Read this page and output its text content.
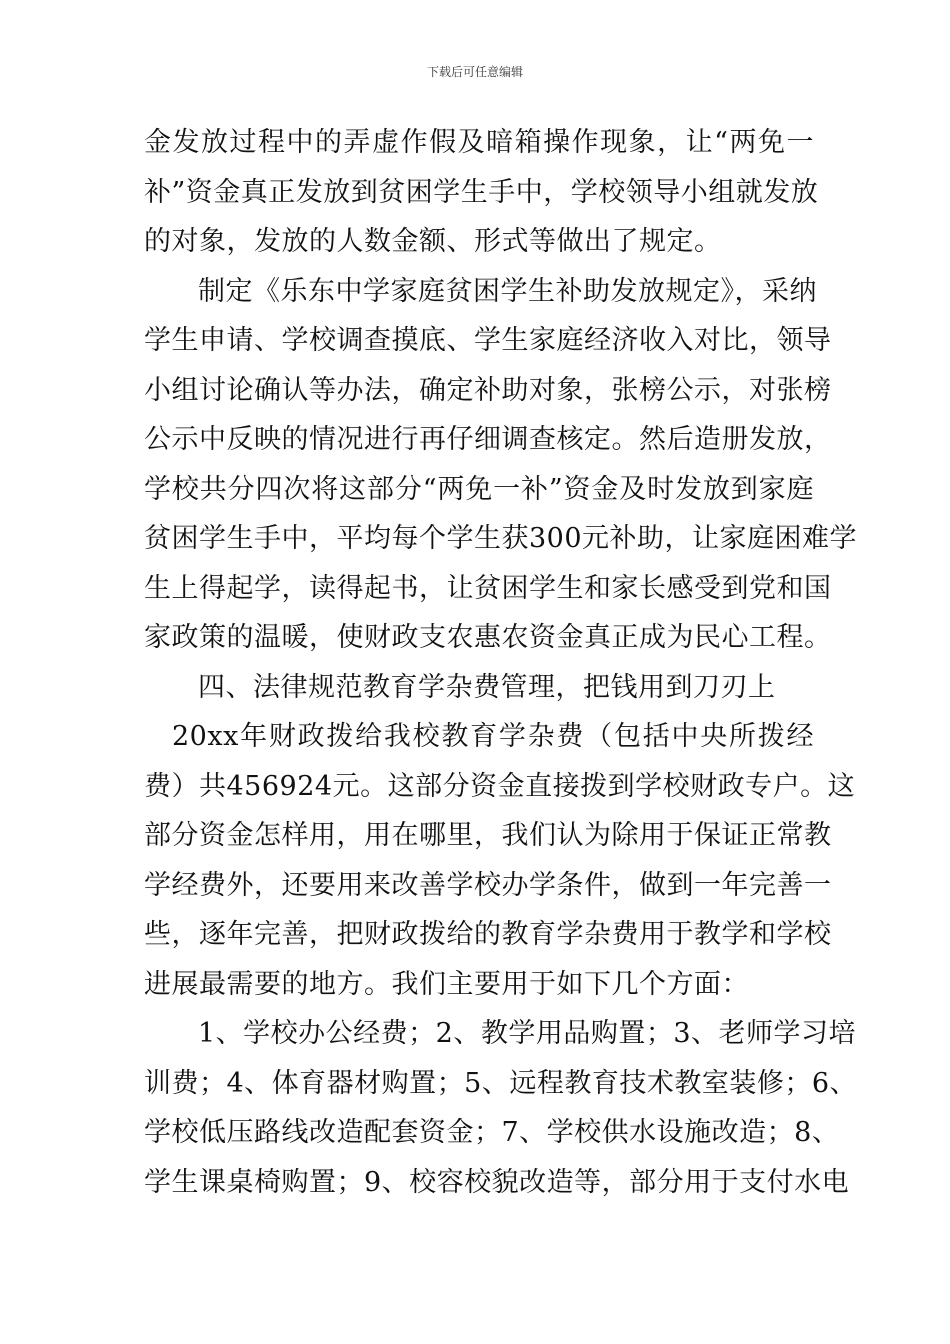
下载后可任意编辑
金发放过程中的弄虚作假及暗箱操作现象，让“两免一
补”资金真正发放到贫困学生手中，学校领导小组就发放
的对象，发放的人数金额、形式等做出了规定。
制定《乐东中学家庭贫困学生补助发放规定》，采纳
学生申请、学校调查摸底、学生家庭经济收入对比，领导
小组讨论确认等办法，确定补助对象，张榜公示，对张榜
公示中反映的情况进行再仔细调查核定。然后造册发放，
学校共分四次将这部分“两免一补”资金及时发放到家庭
贫困学生手中，平均每个学生获300元补助，让家庭困难学
生上得起学，读得起书，让贫困学生和家长感受到党和国
家政策的温暖，使财政支农惠农资金真正成为民心工程。
四、法律规范教育学杂费管理，把钱用到刀刃上
20xx年财政拨给我校教育学杂费（包括中央所拨经
费）共456924元。这部分资金直接拨到学校财政专户。这
部分资金怎样用，用在哪里，我们认为除用于保证正常教
学经费外，还要用来改善学校办学条件，做到一年完善一
些，逐年完善，把财政拨给的教育学杂费用于教学和学校
进展最需要的地方。我们主要用于如下几个方面：
1、学校办公经费；2、教学用品购置；3、老师学习培
训费；4、体育器材购置；5、远程教育技术教室装修；6、
学校低压路线改造配套资金；7、学校供水设施改造；8、
学生课桌椅购置；9、校容校貌改造等，部分用于支付水电
